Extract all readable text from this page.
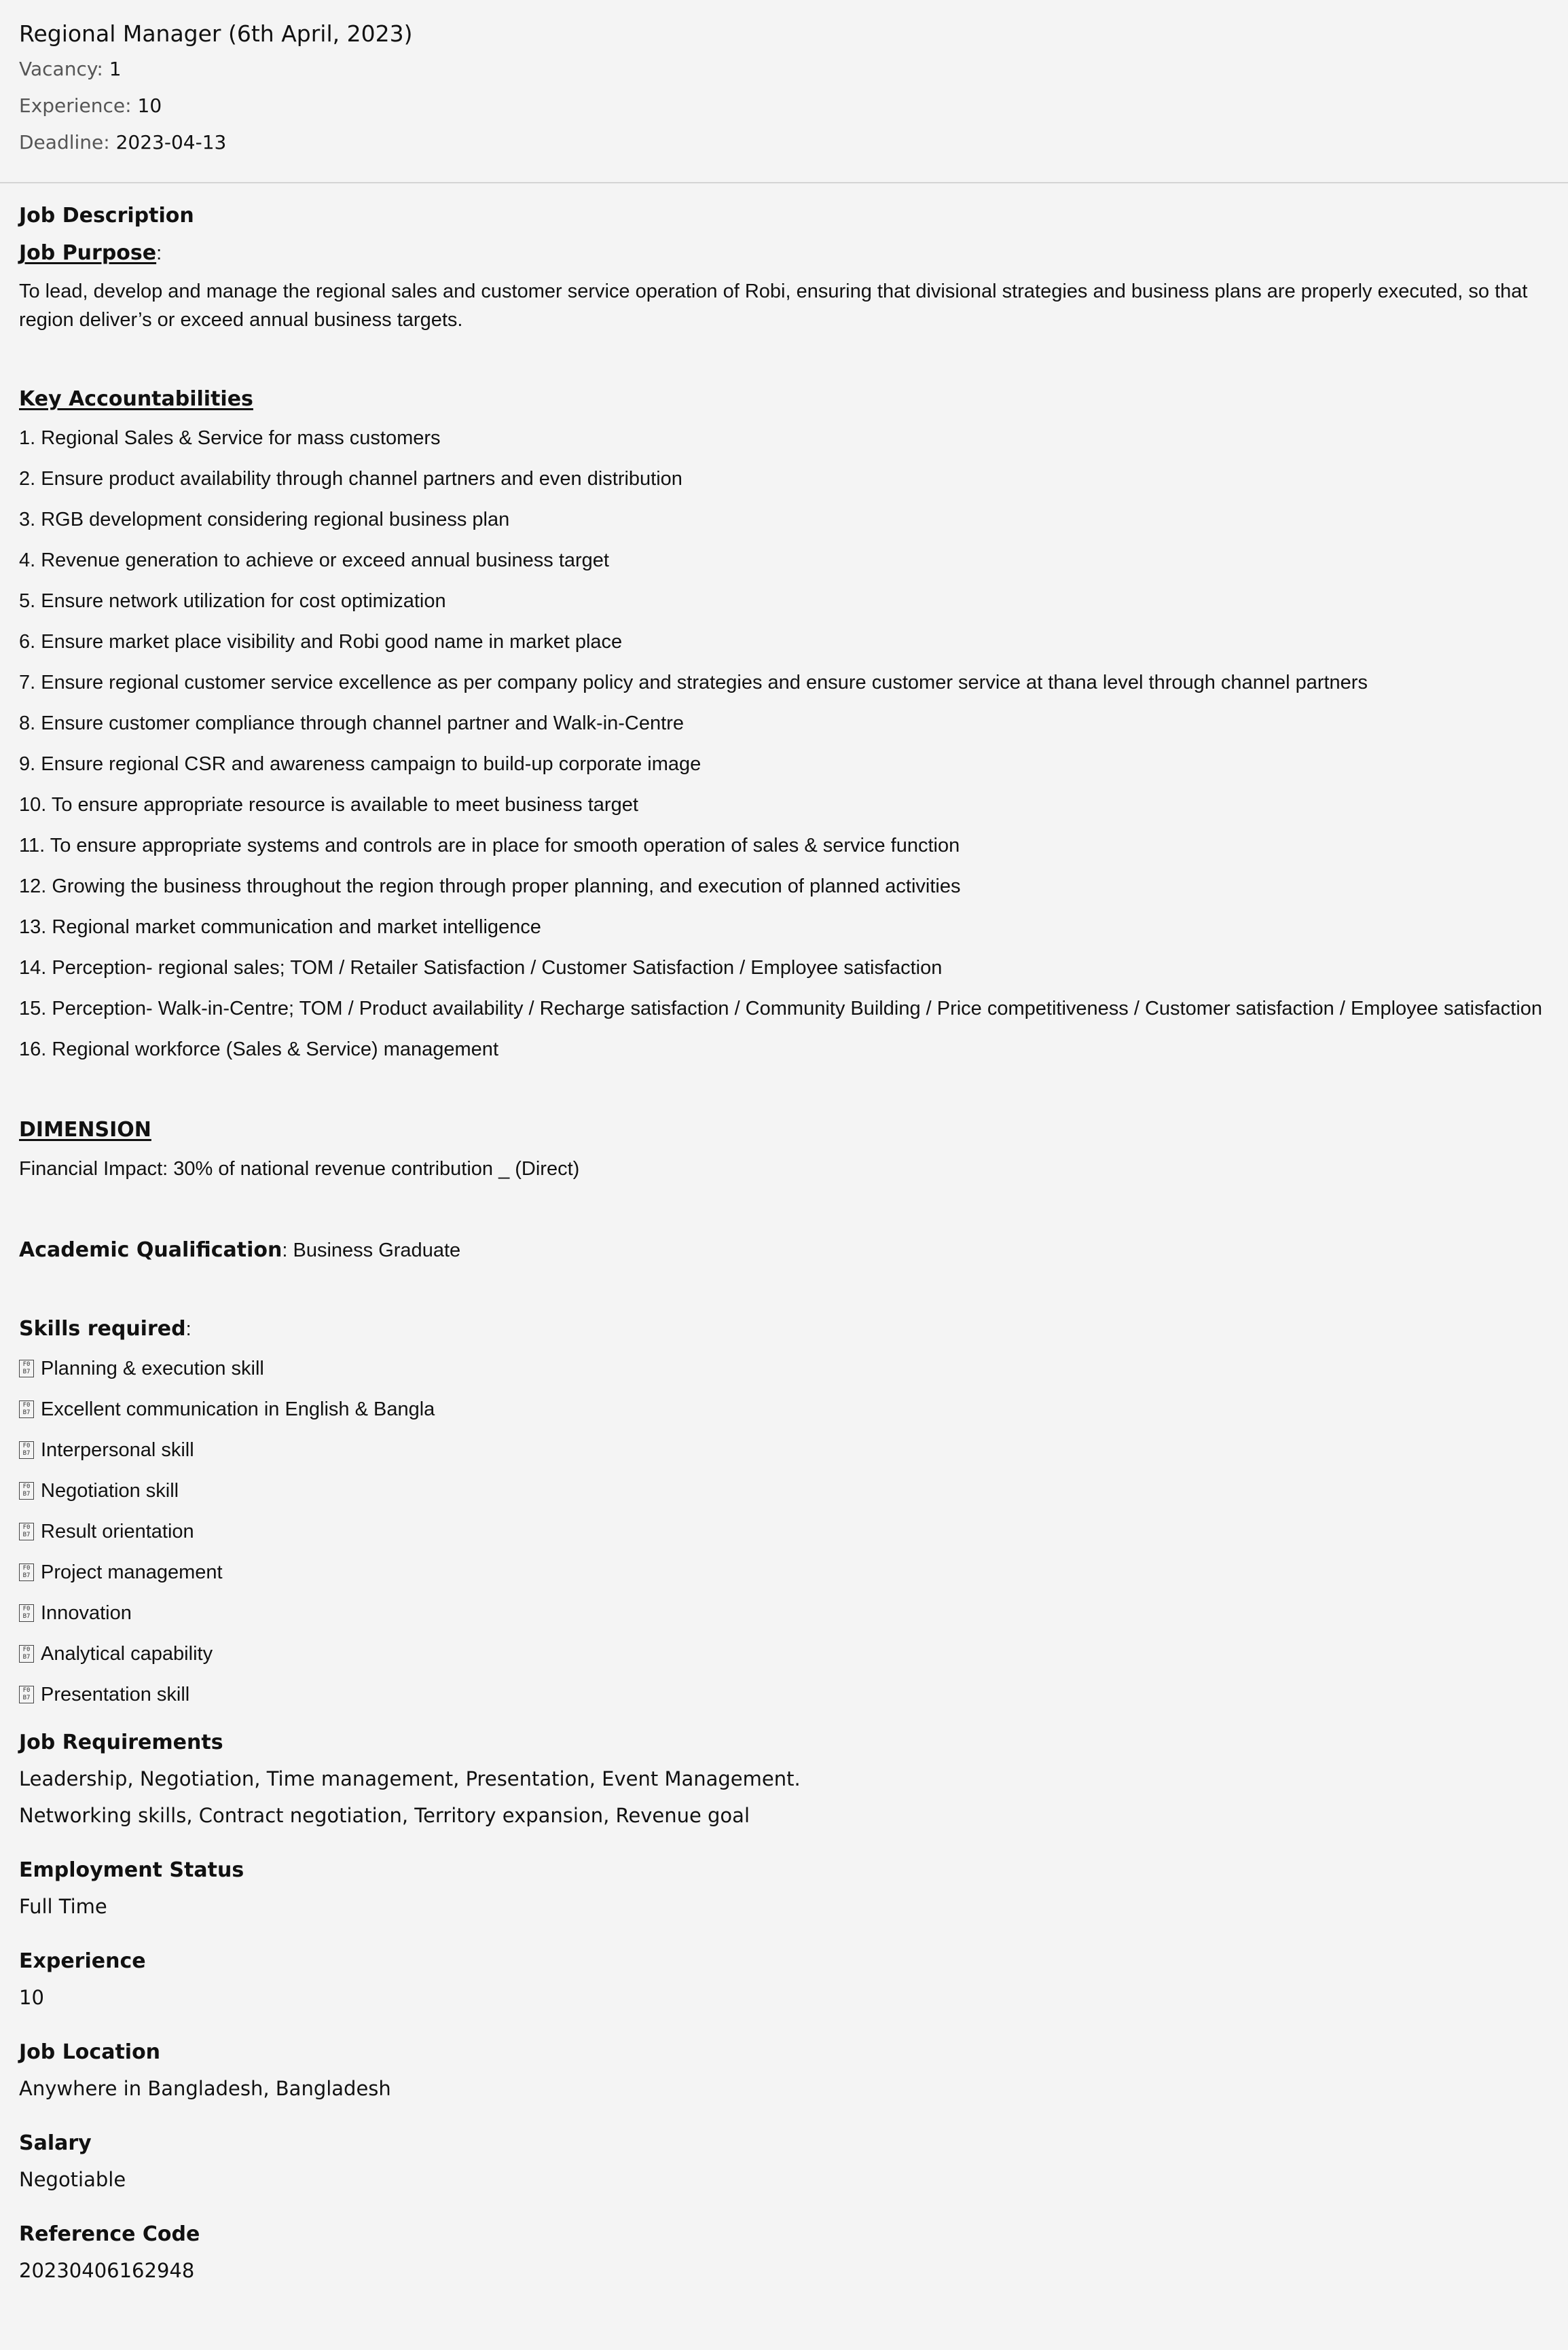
Regional Manager (6th April, 2023)
Vacancy: 1
Experience: 10
Deadline: 2023-04-13
Job Description
Job Purpose:

To lead, develop and manage the regional sales and customer service operation of Robi, ensuring that divisional strategies and business plans are properly executed, so that region deliver’s or exceed annual business targets.

Key Accountabilities

1. Regional Sales & Service for mass customers

2. Ensure product availability through channel partners and even distribution

3. RGB development considering regional business plan

4. Revenue generation to achieve or exceed annual business target

5. Ensure network utilization for cost optimization

6. Ensure market place visibility and Robi good name in market place

7. Ensure regional customer service excellence as per company policy and strategies and ensure customer service at thana level through channel partners

8. Ensure customer compliance through channel partner and Walk-in-Centre

9. Ensure regional CSR and awareness campaign to build-up corporate image

10. To ensure appropriate resource is available to meet business target

11. To ensure appropriate systems and controls are in place for smooth operation of sales & service function

12. Growing the business throughout the region through proper planning, and execution of planned activities

13. Regional market communication and market intelligence

14. Perception- regional sales; TOM / Retailer Satisfaction / Customer Satisfaction / Employee satisfaction

15. Perception- Walk-in-Centre; TOM / Product availability / Recharge satisfaction / Community Building / Price competitiveness / Customer satisfaction / Employee satisfaction

16. Regional workforce (Sales & Service) management

DIMENSION

Financial Impact: 30% of national revenue contribution _ (Direct)

Academic Qualification: Business Graduate
Skills required:
F0
B7 Planning & execution skill
F0
B7 Excellent communication in English & Bangla
F0
B7 Interpersonal skill
F0
B7 Negotiation skill
F0
B7 Result orientation
F0
B7 Project management
F0
B7 Innovation
F0
B7 Analytical capability
F0
B7 Presentation skill
Job Requirements
Leadership, Negotiation, Time management, Presentation, Event Management.
Networking skills, Contract negotiation, Territory expansion, Revenue goal
Employment Status
Full Time
Experience
10
Job Location
Anywhere in Bangladesh, Bangladesh
Salary
Negotiable
Reference Code
20230406162948
